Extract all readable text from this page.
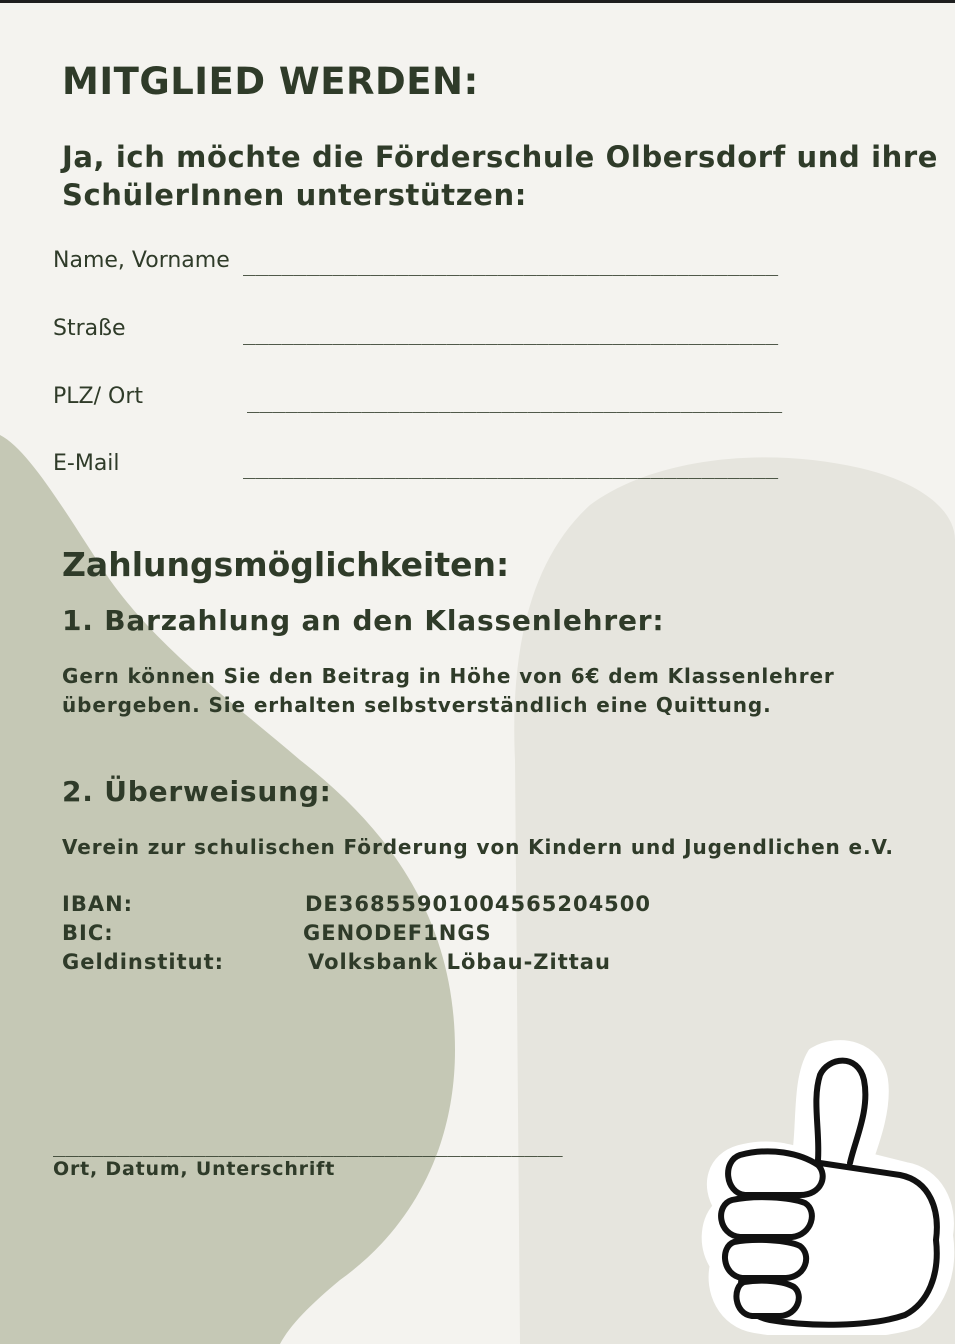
MITGLIED WERDEN:

Ja, ich möchte die Förderschule Olbersdorf und ihre SchülerInnen unterstützen:

Name, Vorname __________________________________________
Straße	__________________________________________
PLZ/ Ort	__________________________________________
E-Mail	__________________________________________
Zahlungsmöglichkeiten:
1. Barzahlung an den Klassenlehrer:

Gern können Sie den Beitrag in Höhe von 6€ dem Klassenlehrer übergeben. Sie erhalten selbstverständlich eine Quittung.

2. Überweisung:

Verein zur schulischen Förderung von Kindern und Jugendlichen e.V.

IBAN:	DE36855901004565204500
BIC:	GENODEF1NGS
Geldinstitut:	Volksbank Löbau-Zittau
________________________________________
Ort, Datum, Unterschrift
